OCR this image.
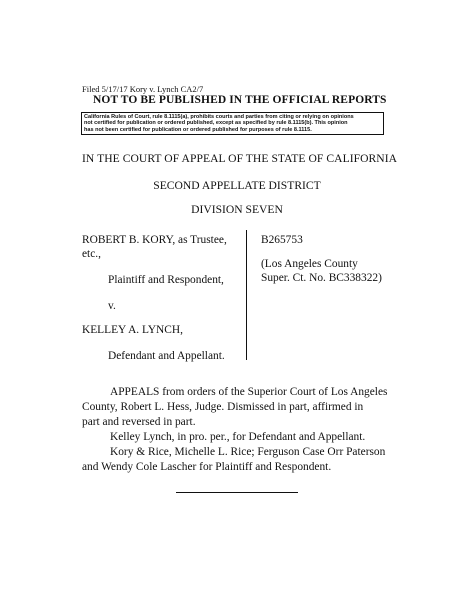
Filed 5/17/17 Kory v. Lynch CA2/7
NOT TO BE PUBLISHED IN THE OFFICIAL REPORTS
California Rules of Court, rule 8.1115(a), prohibits courts and parties from citing or relying on opinions
not certified for publication or ordered published, except as specified by rule 8.1115(b). This opinion
has not been certified for publication or ordered published for purposes of rule 8.1115.
IN THE COURT OF APPEAL OF THE STATE OF CALIFORNIA
SECOND APPELLATE DISTRICT
DIVISION SEVEN
ROBERT B. KORY, as Trustee,
etc.,
Plaintiff and Respondent,
v.
KELLEY A. LYNCH,
Defendant and Appellant.
B265753
(Los Angeles County
Super. Ct. No. BC338322)
APPEALS from orders of the Superior Court of Los Angeles
County, Robert L. Hess, Judge. Dismissed in part, affirmed in
part and reversed in part.
Kelley Lynch, in pro. per., for Defendant and Appellant.
Kory & Rice, Michelle L. Rice; Ferguson Case Orr Paterson
and Wendy Cole Lascher for Plaintiff and Respondent.
